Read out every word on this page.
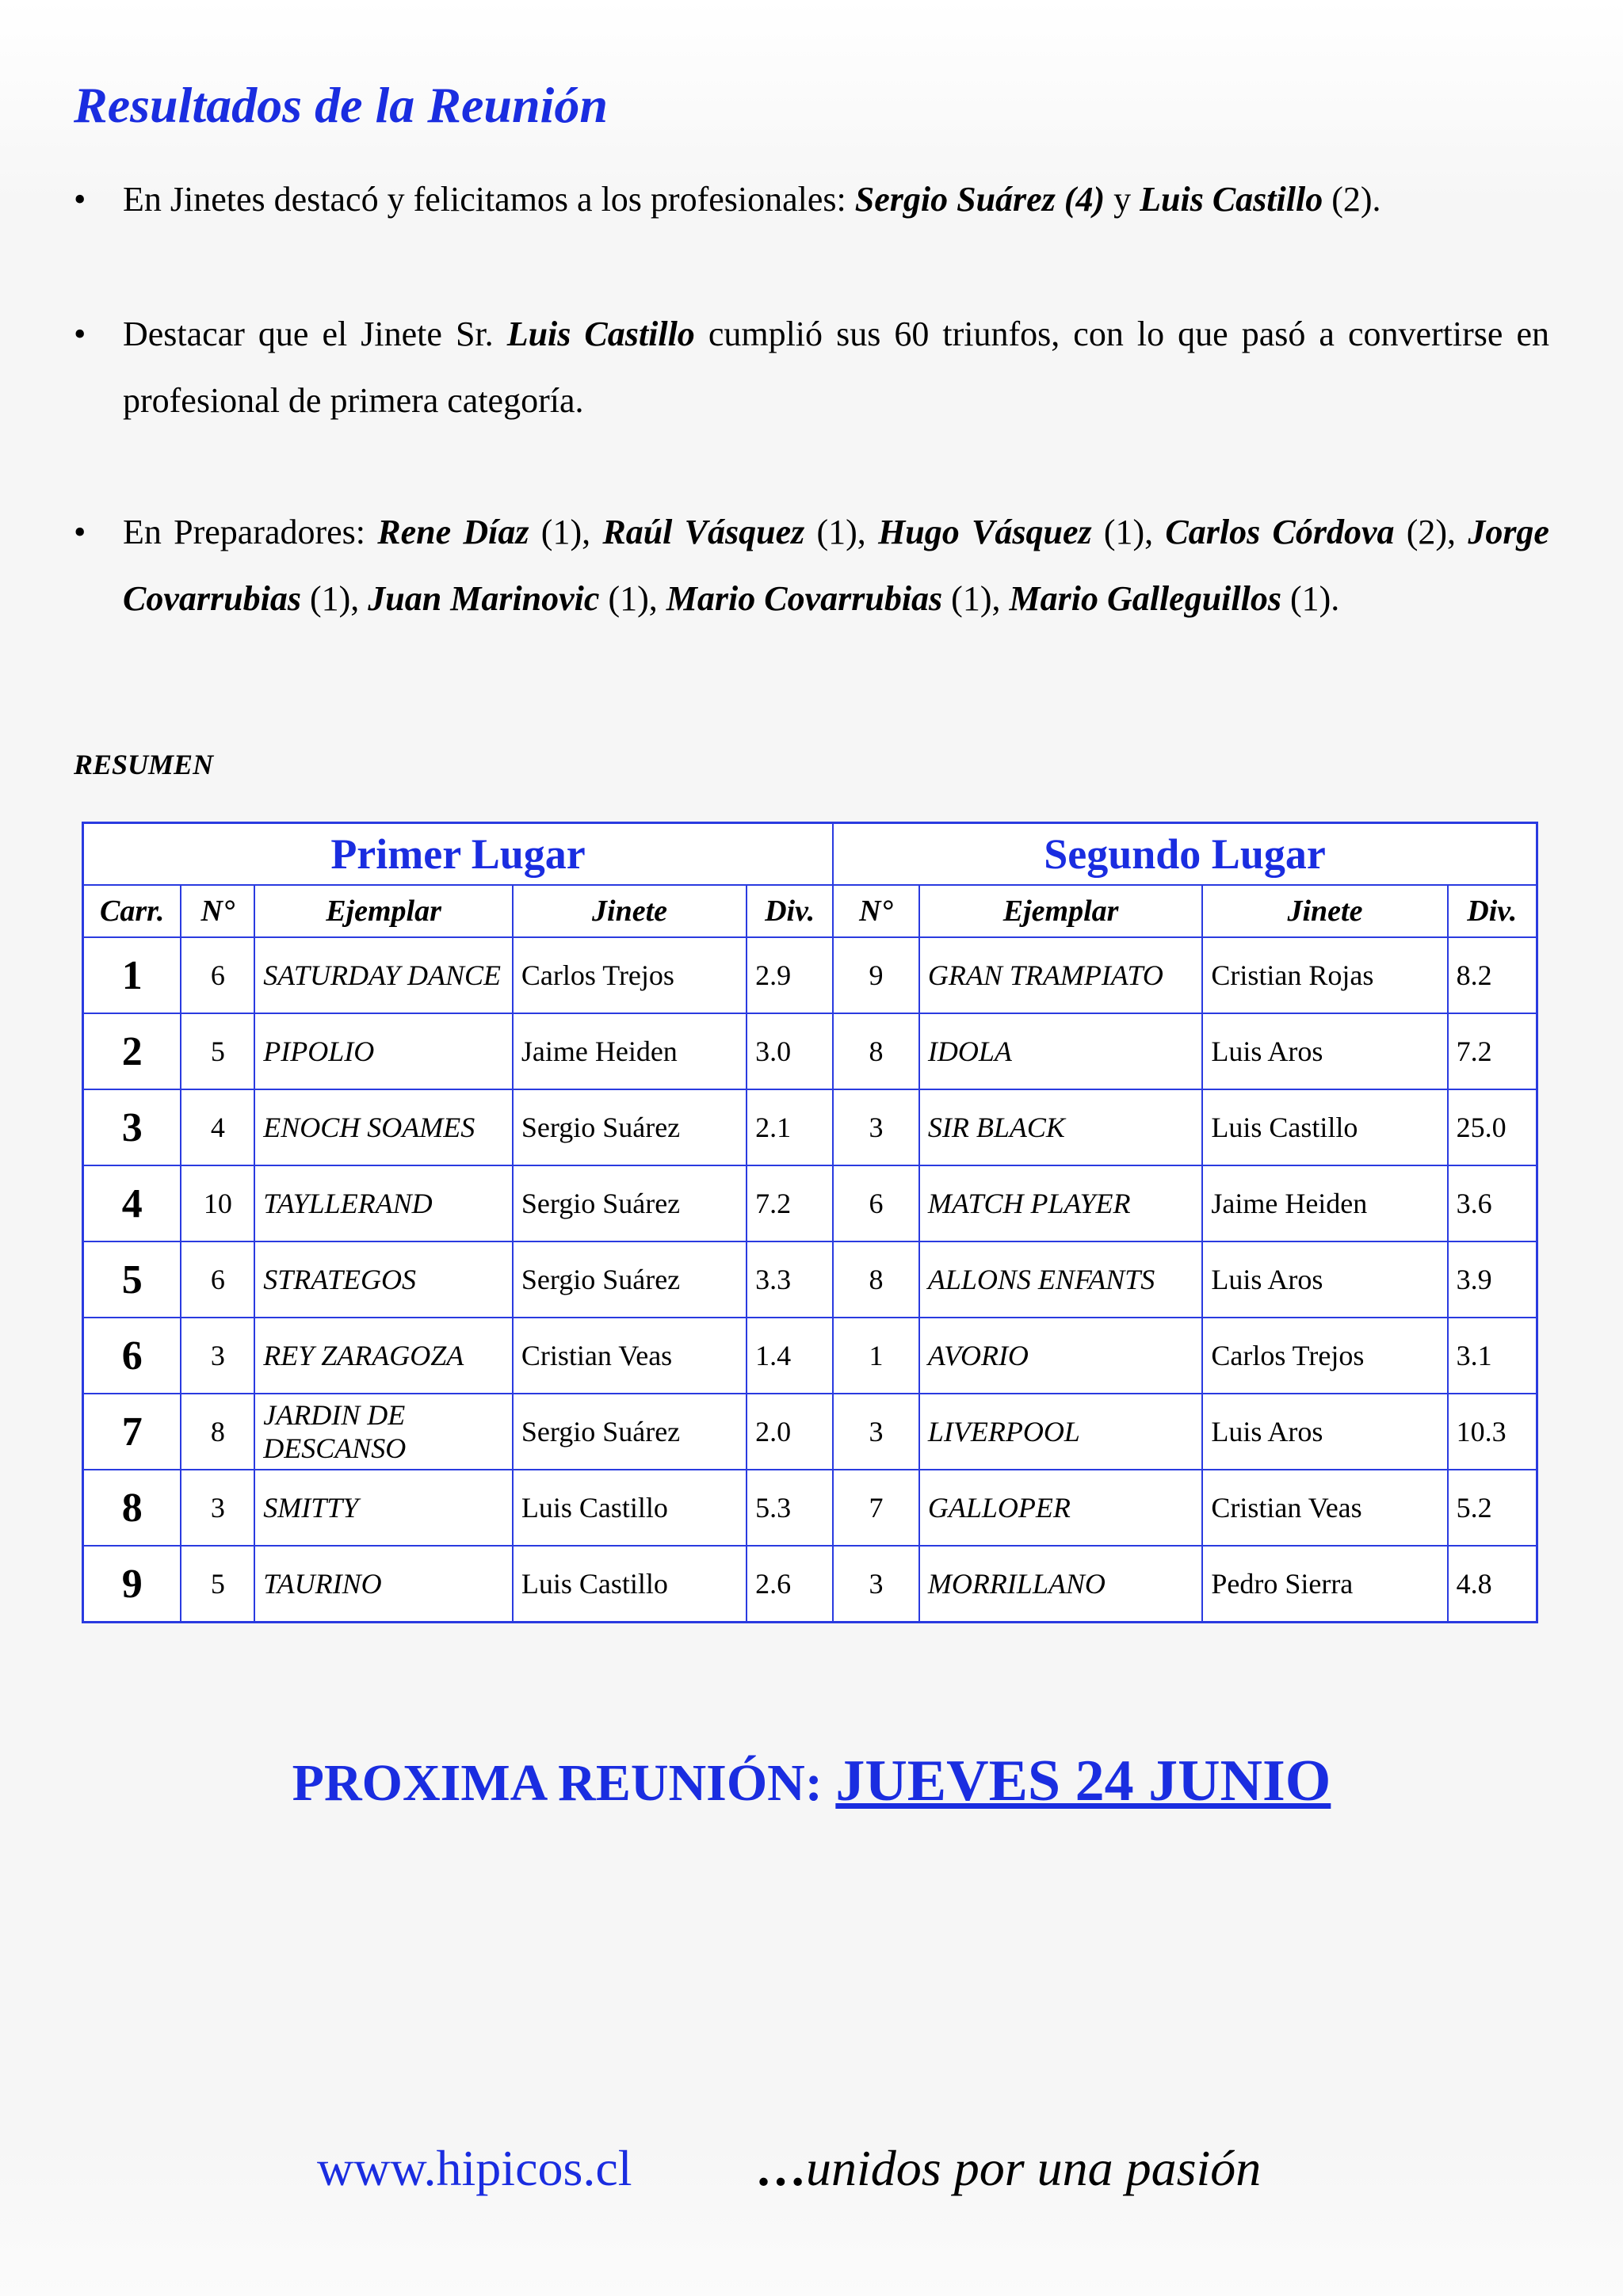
Resultados de la Reunión
• En Jinetes destacó y felicitamos a los profesionales: Sergio Suárez (4) y Luis Castillo (2).
• Destacar que el Jinete Sr. Luis Castillo cumplió sus 60 triunfos, con lo que pasó a convertirse en profesional de primera categoría.
• En Preparadores: Rene Díaz (1), Raúl Vásquez (1), Hugo Vásquez (1), Carlos Córdova (2), Jorge Covarrubias (1), Juan Marinovic (1), Mario Covarrubias (1), Mario Galleguillos (1).
RESUMEN
Primer Lugar					Segundo Lugar			
Carr.	N°	Ejemplar	Jinete	Div.	N°	Ejemplar	Jinete	Div.
1	6	SATURDAY DANCE	Carlos Trejos	2.9	9	GRAN TRAMPIATO	Cristian Rojas	8.2
2	5	PIPOLIO	Jaime Heiden	3.0	8	IDOLA	Luis Aros	7.2
3	4	ENOCH SOAMES	Sergio Suárez	2.1	3	SIR BLACK	Luis Castillo	25.0
4	10	TAYLLERAND	Sergio Suárez	7.2	6	MATCH PLAYER	Jaime Heiden	3.6
5	6	STRATEGOS	Sergio Suárez	3.3	8	ALLONS ENFANTS	Luis Aros	3.9
6	3	REY ZARAGOZA	Cristian Veas	1.4	1	AVORIO	Carlos Trejos	3.1
7	8	JARDIN DE DESCANSO	Sergio Suárez	2.0	3	LIVERPOOL	Luis Aros	10.3
8	3	SMITTY	Luis Castillo	5.3	7	GALLOPER	Cristian Veas	5.2
9	5	TAURINO	Luis Castillo	2.6	3	MORRILLANO	Pedro Sierra	4.8
PROXIMA REUNIÓN: JUEVES 24 JUNIO
www.hipicos.cl …unidos por una pasión
